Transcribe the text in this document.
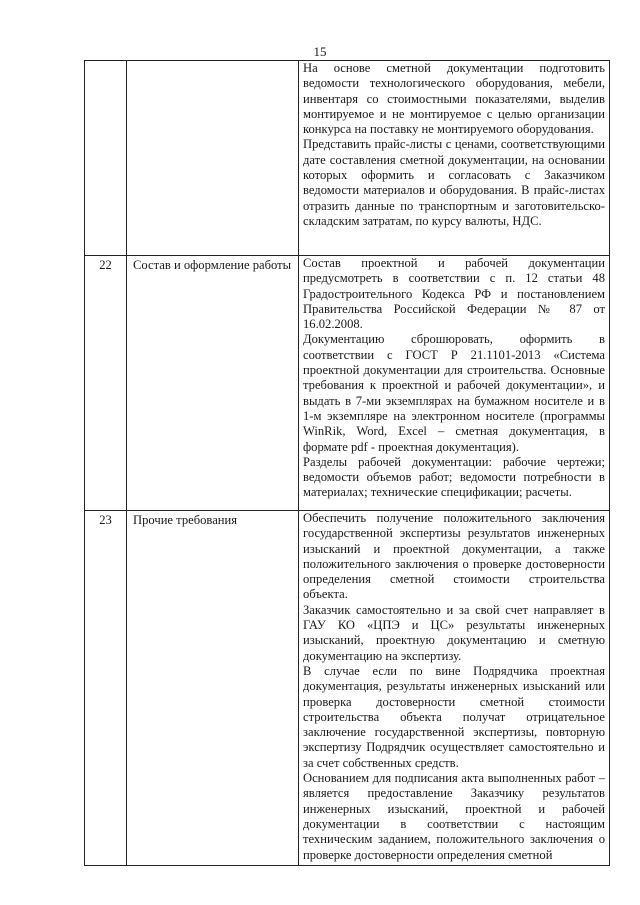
15

		На основе сметной документации подготовить ведомости технологического оборудования, мебели, инвентаря со стоимостными показателями, выделив монтируемое и не монтируемое с целью организации конкурса на поставку не монтируемого оборудования.

Представить прайс-листы с ценами, соответствующими дате составления сметной документации, на основании которых оформить и согласовать с Заказчиком ведомости материалов и оборудования. В прайс-листах отразить данные по транспортным и заготовительско-складским затратам, по курсу валюты, НДС.

22	Состав и оформление работы	Состав проектной и рабочей документации предусмотреть в соответствии с п. 12 статьи 48 Градостроительного Кодекса РФ и постановлением Правительства Российской Федерации № 87 от 16.02.2008.

Документацию сброшюровать, оформить в соответствии с ГОСТ Р 21.1101-2013 «Система проектной документации для строительства. Основные требования к проектной и рабочей документации», и выдать в 7-ми экземплярах на бумажном носителе и в 1-м экземпляре на электронном носителе (программы WinRik, Word, Excel – сметная документация, в формате pdf - проектная документация).

Разделы рабочей документации: рабочие чертежи; ведомости объемов работ; ведомости потребности в материалах; технические спецификации; расчеты.

23	Прочие требования	Обеспечить получение положительного заключения государственной экспертизы результатов инженерных изысканий и проектной документации, а также положительного заключения о проверке достоверности определения сметной стоимости строительства объекта.

Заказчик самостоятельно и за свой счет направляет в ГАУ КО «ЦПЭ и ЦС» результаты инженерных изысканий, проектную документацию и сметную документацию на экспертизу.

В случае если по вине Подрядчика проектная документация, результаты инженерных изысканий или проверка достоверности сметной стоимости строительства объекта получат отрицательное заключение государственной экспертизы, повторную экспертизу Подрядчик осуществляет самостоятельно и за счет собственных средств.

Основанием для подписания акта выполненных работ – является предоставление Заказчику результатов инженерных изысканий, проектной и рабочей документации в соответствии с настоящим техническим заданием, положительного заключения о проверке достоверности определения сметной
